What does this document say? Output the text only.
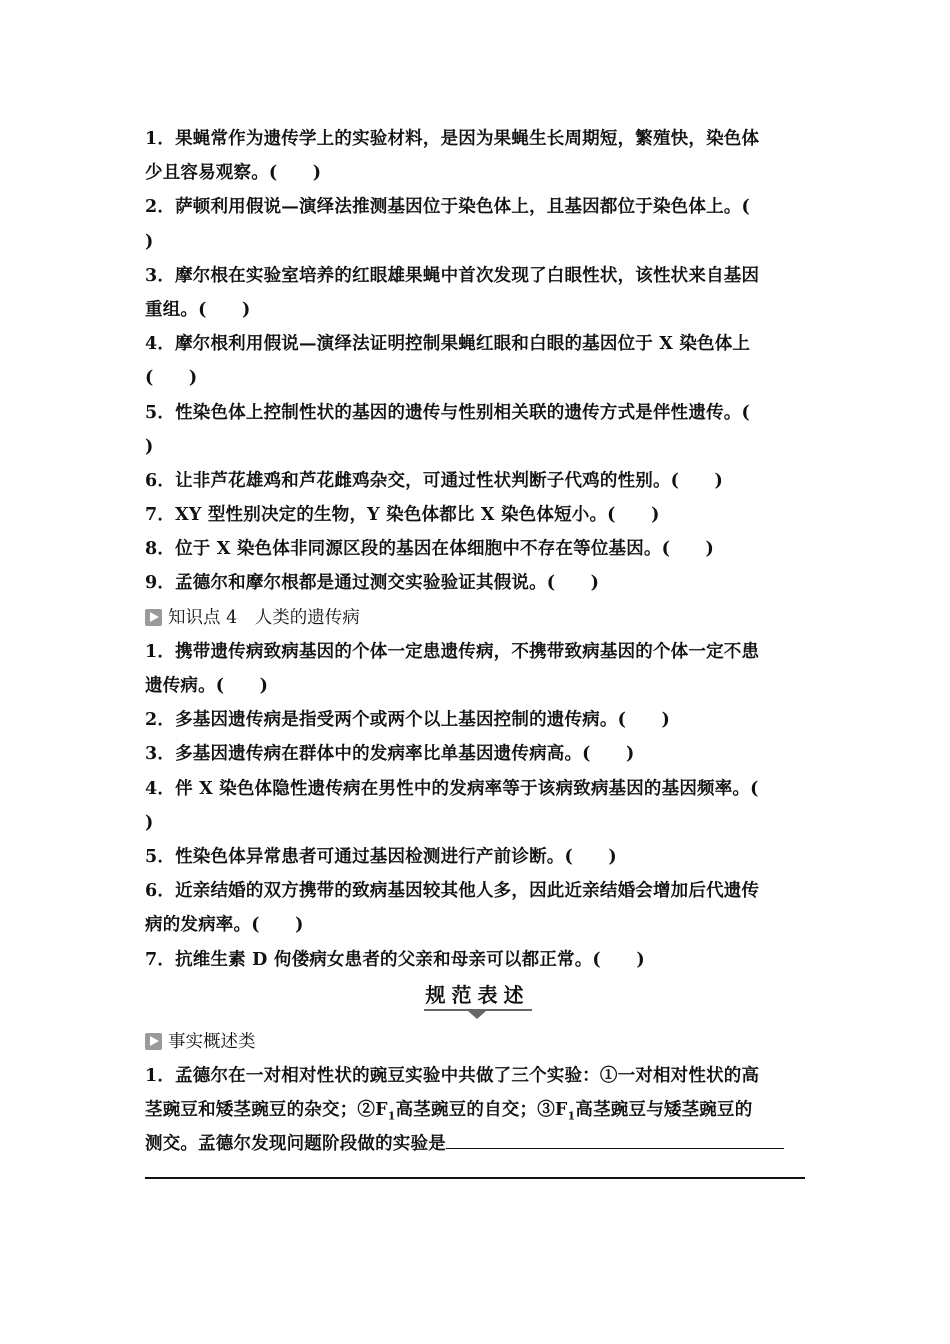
1．果蝇常作为遗传学上的实验材料，是因为果蝇生长周期短，繁殖快，染色体
少且容易观察。(　　)
2．萨顿利用假说—演绎法推测基因位于染色体上，且基因都位于染色体上。(
)
3．摩尔根在实验室培养的红眼雄果蝇中首次发现了白眼性状，该性状来自基因
重组。(　　)
4．摩尔根利用假说—演绎法证明控制果蝇红眼和白眼的基因位于 X 染色体上
(　　)
5．性染色体上控制性状的基因的遗传与性别相关联的遗传方式是伴性遗传。(
)
6．让非芦花雄鸡和芦花雌鸡杂交，可通过性状判断子代鸡的性别。(　　)
7．XY 型性别决定的生物，Y 染色体都比 X 染色体短小。(　　)
8．位于 X 染色体非同源区段的基因在体细胞中不存在等位基因。(　　)
9．孟德尔和摩尔根都是通过测交实验验证其假说。(　　)
知识点 4　人类的遗传病
1．携带遗传病致病基因的个体一定患遗传病，不携带致病基因的个体一定不患
遗传病。(　　)
2．多基因遗传病是指受两个或两个以上基因控制的遗传病。(　　)
3．多基因遗传病在群体中的发病率比单基因遗传病高。(　　)
4．伴 X 染色体隐性遗传病在男性中的发病率等于该病致病基因的基因频率。(
)
5．性染色体异常患者可通过基因检测进行产前诊断。(　　)
6．近亲结婚的双方携带的致病基因较其他人多，因此近亲结婚会增加后代遗传
病的发病率。(　　)
7．抗维生素 D 佝偻病女患者的父亲和母亲可以都正常。(　　)
规范表述
事实概述类
1．孟德尔在一对相对性状的豌豆实验中共做了三个实验：①一对相对性状的高
茎豌豆和矮茎豌豆的杂交；$②F_1$高茎豌豆的自交；$③F_1$高茎豌豆与矮茎豌豆的
测交。孟德尔发现问题阶段做的实验是
